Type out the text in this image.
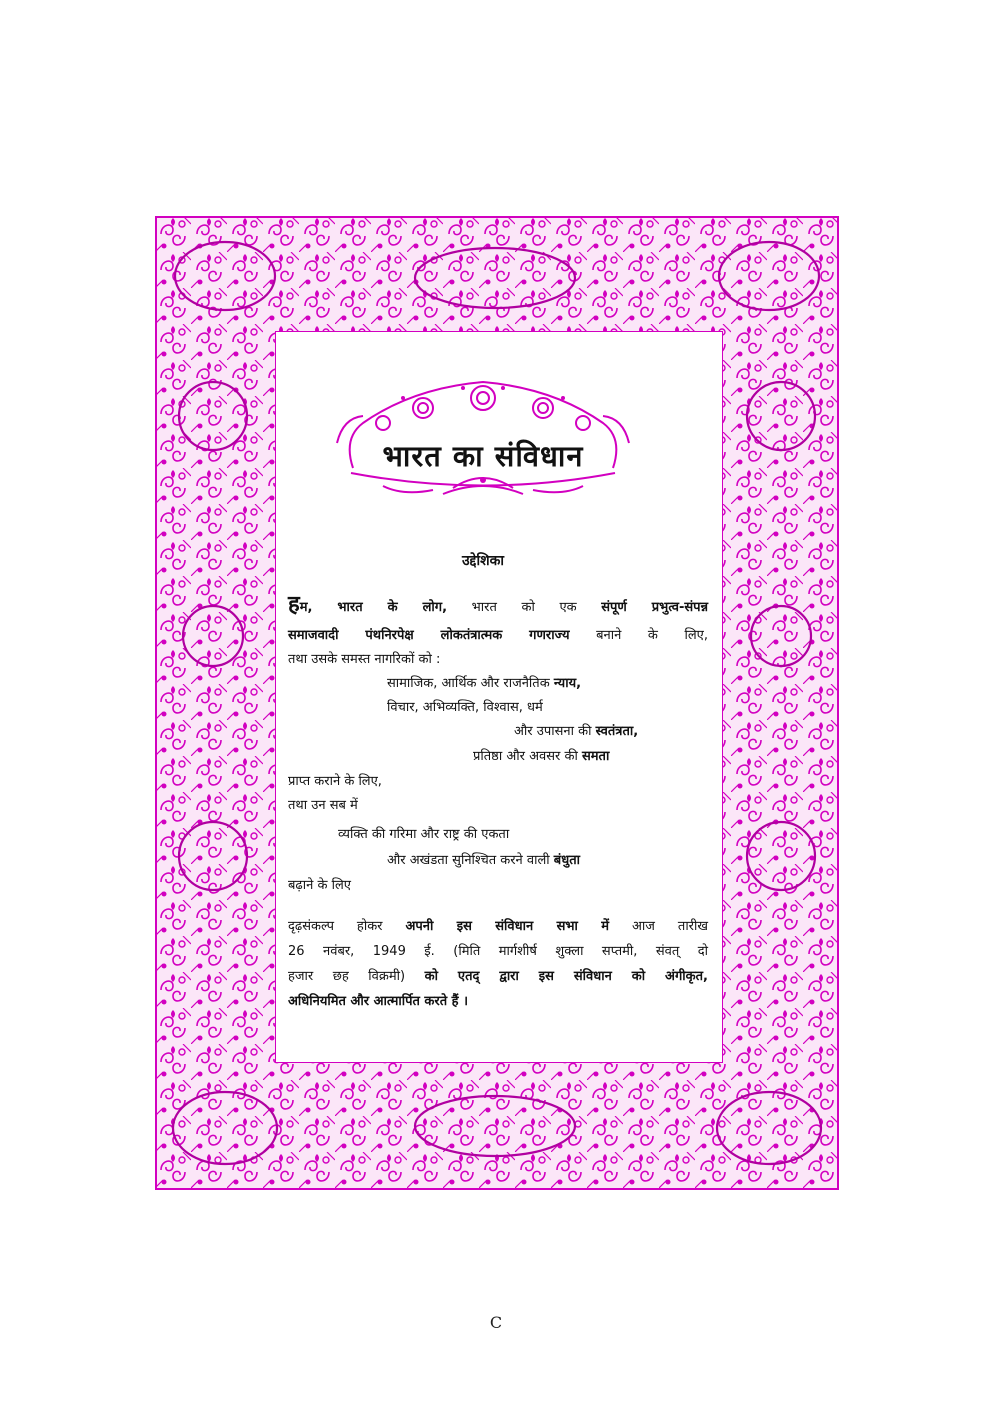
भारत का संविधान
उद्देशिका
हम, भारत के लोग, भारत को एक संपूर्ण प्रभुत्व-संपन्न
समाजवादी पंथनिरपेक्ष लोकतंत्रात्मक गणराज्य बनाने के लिए,
तथा उसके समस्त नागरिकों को :
सामाजिक, आर्थिक और राजनैतिक न्याय,
विचार, अभिव्यक्ति, विश्वास, धर्म
और उपासना की स्वतंत्रता,
प्रतिष्ठा और अवसर की समता
प्राप्त कराने के लिए,
तथा उन सब में
व्यक्ति की गरिमा और राष्ट्र की एकता
और अखंडता सुनिश्चित करने वाली बंधुता
बढ़ाने के लिए
दृढ़संकल्प होकर अपनी इस संविधान सभा में आज तारीख
26 नवंबर, 1949 ई. (मिति मार्गशीर्ष शुक्ला सप्तमी, संवत् दो
हजार छह विक्रमी) को एतद् द्वारा इस संविधान को अंगीकृत,
अधिनियमित और आत्मार्पित करते हैं ।
C
